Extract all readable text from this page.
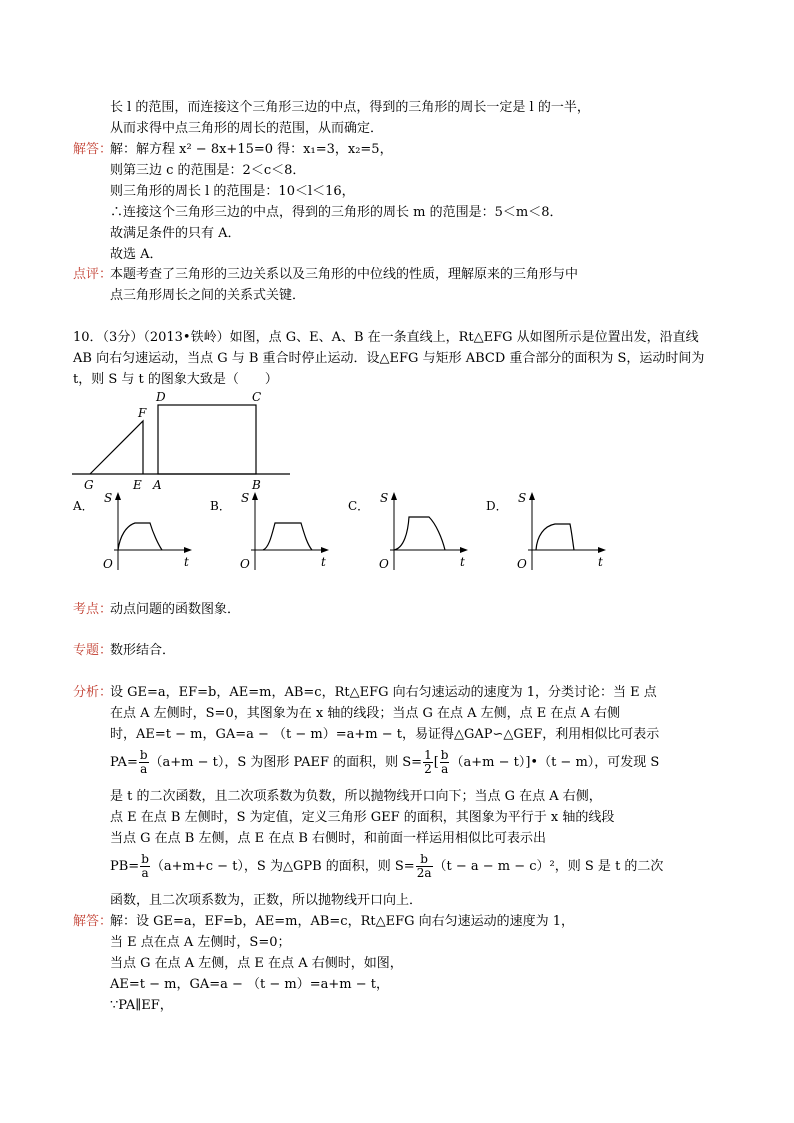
长 l 的范围，而连接这个三角形三边的中点，得到的三角形的周长一定是 l 的一半，
从而求得中点三角形的周长的范围，从而确定．
解答：
解：解方程 x² − 8x+15=0 得：x₁=3，x₂=5，
则第三边 c 的范围是：2＜c＜8．
则三角形的周长 l 的范围是：10＜l＜16，
∴连接这个三角形三边的中点，得到的三角形的周长 m 的范围是：5＜m＜8．
故满足条件的只有 A．
故选 A．
点评：
本题考查了三角形的三边关系以及三角形的中位线的性质，理解原来的三角形与中
点三角形周长之间的关系式关键．
10．（3分）（2013•铁岭）如图，点 G、E、A、B 在一条直线上，Rt△EFG 从如图所示是位置出发，沿直线
AB 向右匀速运动，当点 G 与 B 重合时停止运动．设△EFG 与矩形 ABCD 重合部分的面积为 S，运动时间为
t，则 S 与 t 的图象大致是（　　）
G	E A	B
F
D	C
A．
S
t
O
B．
S
t
O
C．
S
t
O
D．
S
t
O
考点：
动点问题的函数图象．
专题：
数形结合．
分析：
设 GE=a，EF=b，AE=m，AB=c，Rt△EFG 向右匀速运动的速度为 1，分类讨论：当 E 点
在点 A 左侧时，S=0，其图象为在 x 轴的线段；当点 G 在点 A 左侧，点 E 在点 A 右侧
时，AE=t − m，GA=a − （t − m）=a+m − t，易证得△GAP∽△GEF，利用相似比可表示
$PA= \frac{b}{a} (a+m - t)$，S 为图形 PAEF 的面积，则 $S= \frac{1}{2}$ [ $\frac{b}{a} (a+m$ − t）]•（t − m），可发现 S
是 t 的二次函数，且二次项系数为负数，所以抛物线开口向下；当点 G 在点 A 右侧，
点 E 在点 B 左侧时，S 为定值，定义三角形 GEF 的面积，其图象为平行于 x 轴的线段
当点 G 在点 B 左侧，点 E 在点 B 右侧时，和前面一样运用相似比可表示出
$PB= \frac{b}{a} (a+m+c - t)$，S 为△GPB 的面积，则 $S= \frac{b}{2a} (t - a - m - c)^2$，则 S 是 t 的二次
函数，且二次项系数为，正数，所以抛物线开口向上．
解答：
解：设 GE=a，EF=b，AE=m，AB=c，Rt△EFG 向右匀速运动的速度为 1，
当 E 点在点 A 左侧时，S=0；
当点 G 在点 A 左侧，点 E 在点 A 右侧时，如图，
AE=t − m，GA=a − （t − m）=a+m − t，
∵PA∥EF，
